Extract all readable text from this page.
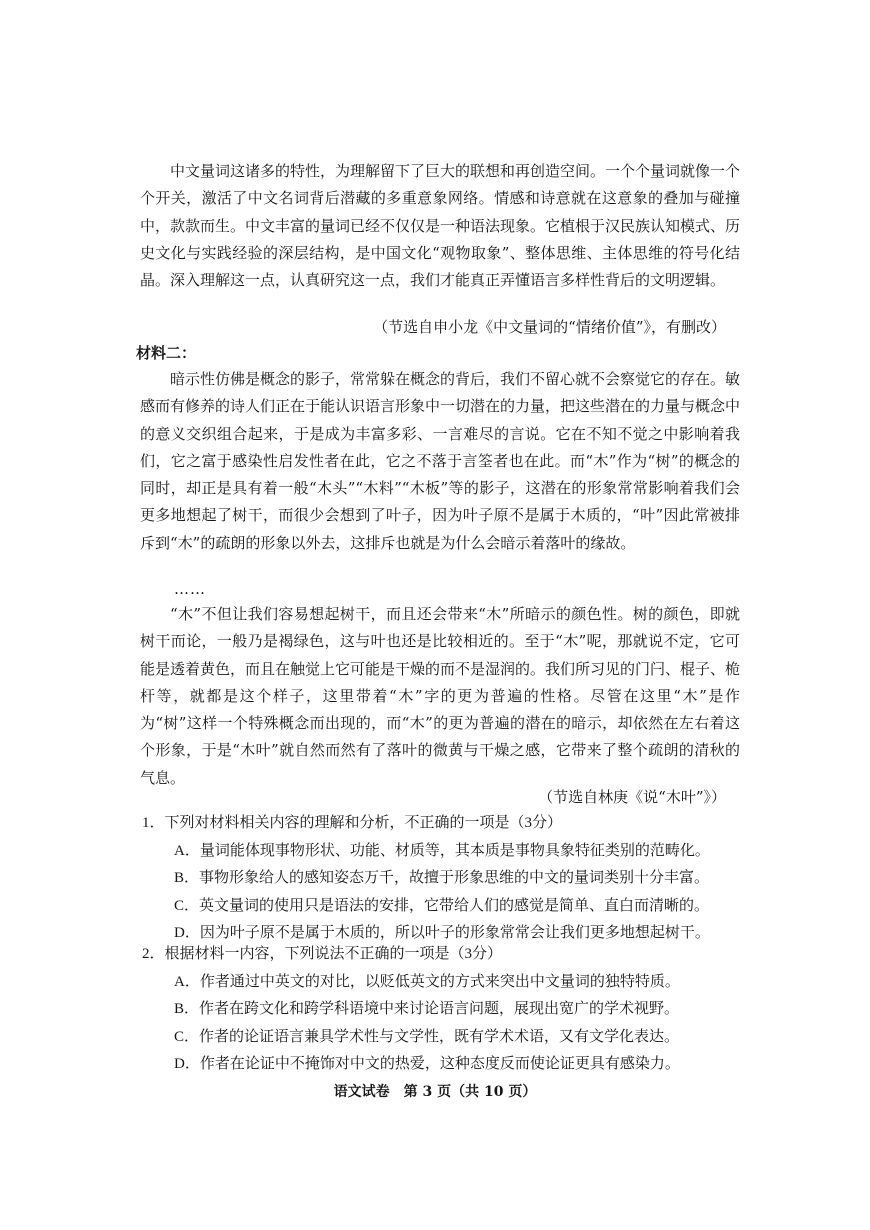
中文量词这诸多的特性，为理解留下了巨大的联想和再创造空间。一个个量词就像一个个开关，激活了中文名词背后潜藏的多重意象网络。情感和诗意就在这意象的叠加与碰撞中，款款而生。中文丰富的量词已经不仅仅是一种语法现象。它植根于汉民族认知模式、历史文化与实践经验的深层结构，是中国文化“观物取象”、整体思维、主体思维的符号化结晶。深入理解这一点，认真研究这一点，我们才能真正弄懂语言多样性背后的文明逻辑。

（节选自申小龙《中文量词的“情绪价值”》，有删改）

材料二：

暗示性仿佛是概念的影子，常常躲在概念的背后，我们不留心就不会察觉它的存在。敏感而有修养的诗人们正在于能认识语言形象中一切潜在的力量，把这些潜在的力量与概念中的意义交织组合起来，于是成为丰富多彩、一言难尽的言说。它在不知不觉之中影响着我们，它之富于感染性启发性者在此，它之不落于言筌者也在此。而“木”作为“树”的概念的同时，却正是具有着一般“木头”“木料”“木板”等的影子，这潜在的形象常常影响着我们会更多地想起了树干，而很少会想到了叶子，因为叶子原不是属于木质的，“叶”因此常被排斥到“木”的疏朗的形象以外去，这排斥也就是为什么会暗示着落叶的缘故。

……

“木”不但让我们容易想起树干，而且还会带来“木”所暗示的颜色性。树的颜色，即就树干而论，一般乃是褐绿色，这与叶也还是比较相近的。至于“木”呢，那就说不定，它可能是透着黄色，而且在触觉上它可能是干燥的而不是湿润的。我们所习见的门闩、棍子、桅杆等，就都是这个样子，这里带着“木”字的更为普遍的性格。尽管在这里“木”是作为“树”这样一个特殊概念而出现的，而“木”的更为普遍的潜在的暗示，却依然在左右着这个形象，于是“木叶”就自然而然有了落叶的微黄与干燥之感，它带来了整个疏朗的清秋的气息。

（节选自林庚《说“木叶”》）

1．下列对材料相关内容的理解和分析，不正确的一项是（3分）
A．量词能体现事物形状、功能、材质等，其本质是事物具象特征类别的范畴化。
B．事物形象给人的感知姿态万千，故擅于形象思维的中文的量词类别十分丰富。
C．英文量词的使用只是语法的安排，它带给人们的感觉是简单、直白而清晰的。
D．因为叶子原不是属于木质的，所以叶子的形象常常会让我们更多地想起树干。
2．根据材料一内容，下列说法不正确的一项是（3分）
A．作者通过中英文的对比，以贬低英文的方式来突出中文量词的独特特质。
B．作者在跨文化和跨学科语境中来讨论语言问题，展现出宽广的学术视野。
C．作者的论证语言兼具学术性与文学性，既有学术术语，又有文学化表达。
D．作者在论证中不掩饰对中文的热爱，这种态度反而使论证更具有感染力。

语文试卷　第 3 页（共 10 页）
